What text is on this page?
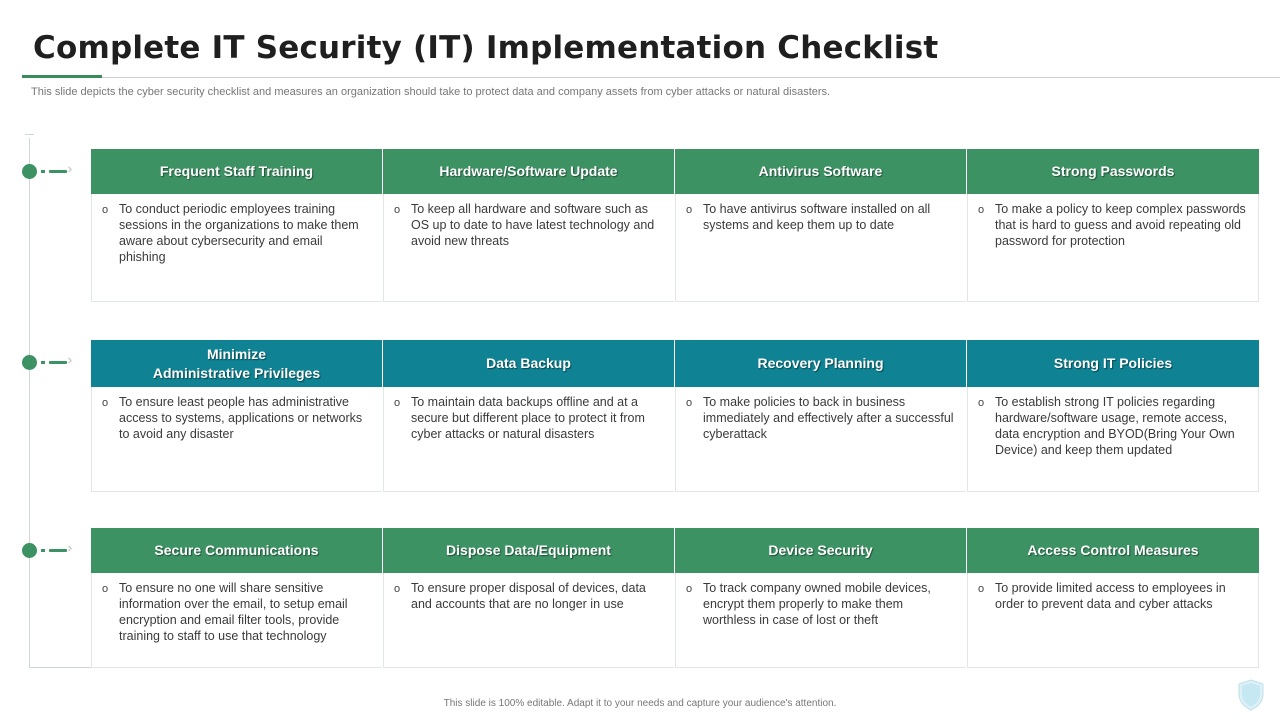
Complete IT Security (IT) Implementation Checklist
This slide depicts the cyber security checklist and measures an organization should take to protect data and company assets from cyber attacks or natural disasters.
Frequent Staff Training
o To conduct periodic employees training sessions in the organizations to make them aware about cybersecurity and email phishing
Hardware/Software Update
o To keep all hardware and software such as OS up to date to have latest technology and avoid new threats
Antivirus Software
o To have antivirus software installed on all systems and keep them up to date
Strong Passwords
o To make a policy to keep complex passwords that is hard to guess and avoid repeating old password for protection
Minimize
Administrative Privileges
o To ensure least people has administrative access to systems, applications or networks to avoid any disaster
Data Backup
o To maintain data backups offline and at a secure but different place to protect it from cyber attacks or natural disasters
Recovery Planning
o To make policies to back in business immediately and effectively after a successful cyberattack
Strong IT Policies
o To establish strong IT policies regarding hardware/software usage, remote access, data encryption and BYOD(Bring Your Own Device) and keep them updated
Secure Communications
o To ensure no one will share sensitive information over the email, to setup email encryption and email filter tools, provide training to staff to use that technology
Dispose Data/Equipment
o To ensure proper disposal of devices, data and accounts that are no longer in use
Device Security
o To track company owned mobile devices, encrypt them properly to make them worthless in case of lost or theft
Access Control Measures
o To provide limited access to employees in order to prevent data and cyber attacks
This slide is 100% editable. Adapt it to your needs and capture your audience's attention.
